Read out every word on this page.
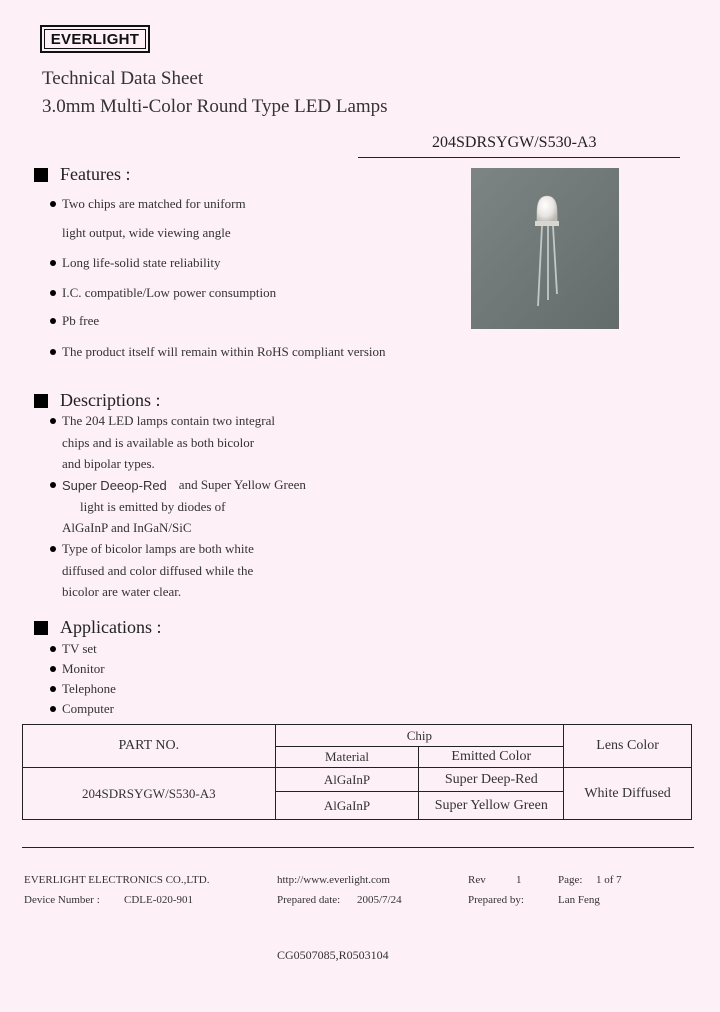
EVERLIGHT
Technical Data Sheet
3.0mm Multi-Color Round Type LED Lamps
204SDRSYGW/S530-A3
Features :
Two chips are matched for uniform
light output, wide viewing angle
Long life-solid state reliability
I.C. compatible/Low power consumption
Pb free
The product itself will remain within RoHS compliant version
Descriptions :
The 204 LED lamps contain two integral
chips and is available as both bicolor
and bipolar types.
Super Deeop-Red and Super Yellow Green
light is emitted by diodes of
AlGaInP and InGaN/SiC
Type of bicolor lamps are both white
diffused and color diffused while the
bicolor are water clear.
Applications :
TV set
Monitor
Telephone
Computer
PART NO.	Chip		Lens Color
	Material	Emitted Color	
204SDRSYGW/S530-A3	AlGaInP	Super Deep-Red	White Diffused
	AlGaInP	Super Yellow Green	
EVERLIGHT ELECTRONICS CO.,LTD.	http://www.everlight.com	Rev	1	Page: 1 of 7
Device Number : CDLE-020-901	Prepared date: 2005/7/24	Prepared by:	Lan Feng
CG0507085,R0503104
